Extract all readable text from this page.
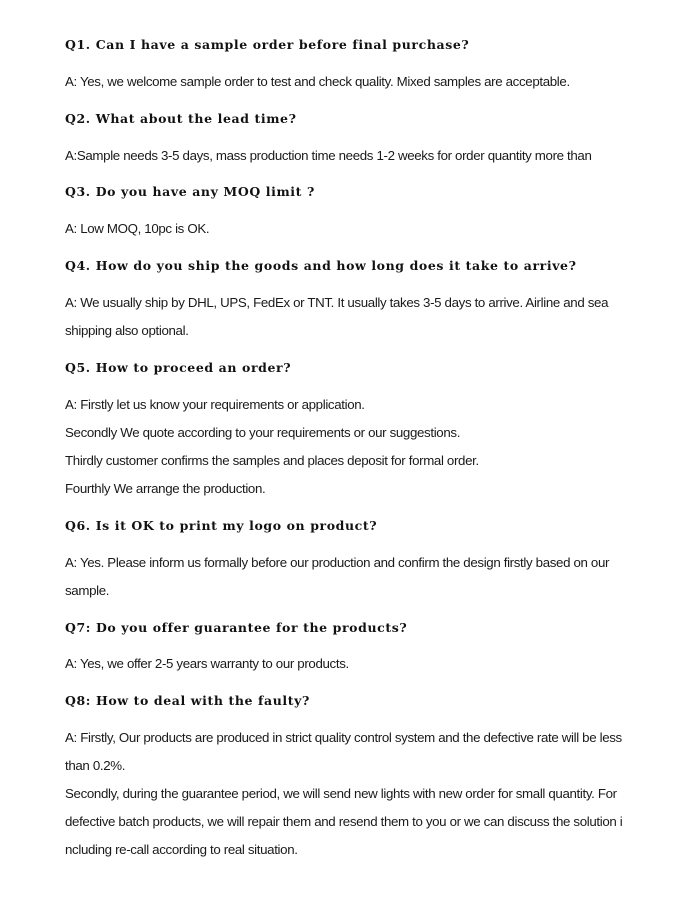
Q1. Can I have a sample order before final purchase?
A: Yes, we welcome sample order to test and check quality. Mixed samples are acceptable.
Q2. What about the lead time?
A:Sample needs 3-5 days, mass production time needs 1-2 weeks for order quantity more than
Q3. Do you have any MOQ limit ?
A: Low MOQ, 10pc is OK.
Q4. How do you ship the goods and how long does it take to arrive?
A: We usually ship by DHL, UPS, FedEx or TNT. It usually takes 3-5 days to arrive. Airline and sea
shipping also optional.
Q5. How to proceed an order?
A: Firstly let us know your requirements or application.
Secondly We quote according to your requirements or our suggestions.
Thirdly customer confirms the samples and places deposit for formal order.
Fourthly We arrange the production.
Q6. Is it OK to print my logo on product?
A: Yes. Please inform us formally before our production and confirm the design firstly based on our
sample.
Q7: Do you offer guarantee for the products?
A: Yes, we offer 2-5 years warranty to our products.
Q8: How to deal with the faulty?
A: Firstly, Our products are produced in strict quality control system and the defective rate will be less
than 0.2%.
Secondly, during the guarantee period, we will send new lights with new order for small quantity. For
defective batch products, we will repair them and resend them to you or we can discuss the solution i
ncluding re-call according to real situation.
